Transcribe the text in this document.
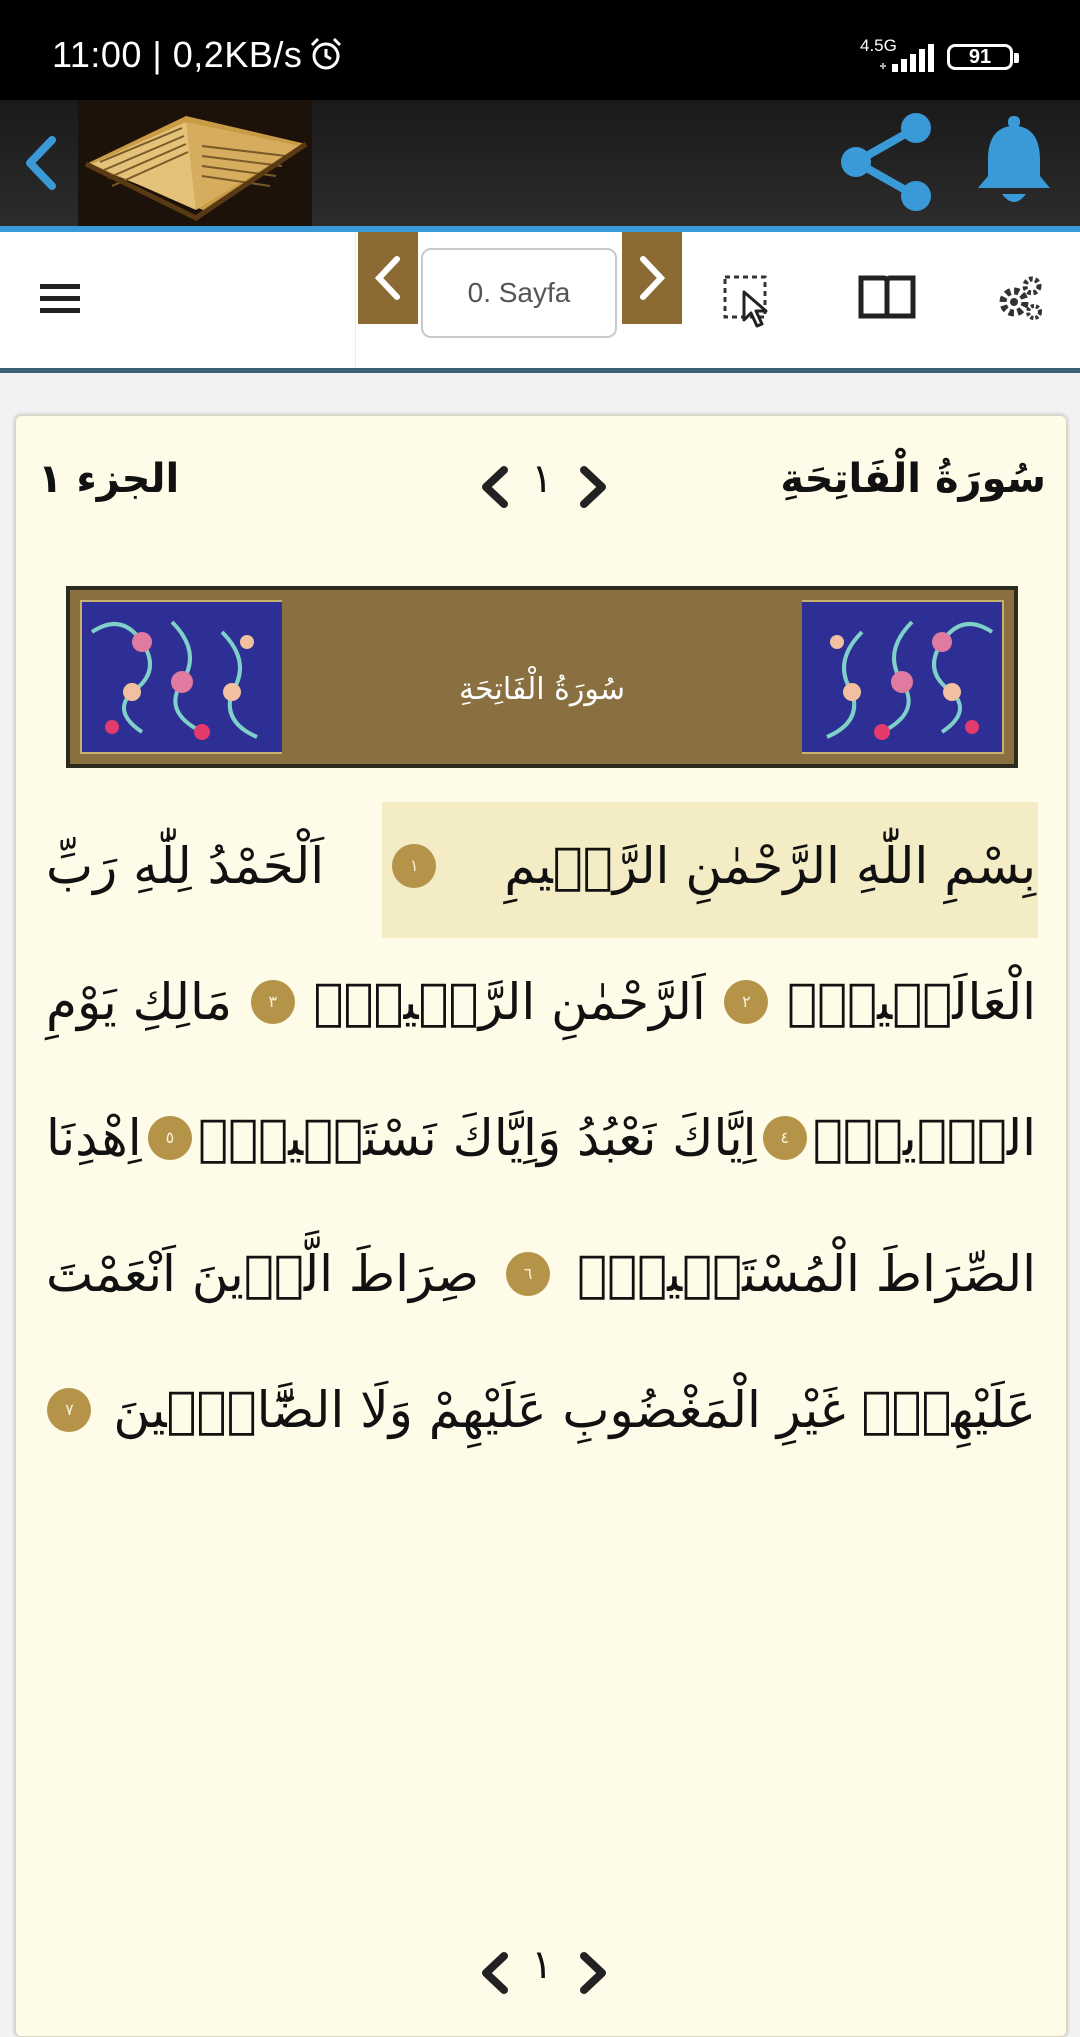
11:00 | 0,2KB/s	4.5G
91
0. Sayfa
سُورَةُ الْفَاتِحَةِ
١
الجزء ١
سُورَةُ الْفَاتِحَةِ
بِسْمِ اللّٰهِ الرَّحْمٰنِ الرَّحٖيمِ
١
اَلْحَمْدُ لِلّٰهِ رَبِّ
الْعَالَمٖينَۙ
٢
اَلرَّحْمٰنِ الرَّحٖيمِۙ
٣
مَالِكِ يَوْمِ
الدّٖينِۜ
٤
اِيَّاكَ نَعْبُدُ وَاِيَّاكَ نَسْتَعٖينُۜ
٥
اِهْدِنَا
الصِّرَاطَ الْمُسْتَقٖيمَۙ
٦
صِرَاطَ الَّذٖينَ اَنْعَمْتَ
عَلَيْهِمْۙ غَيْرِ الْمَغْضُوبِ عَلَيْهِمْ وَلَا الضَّٓالّٖينَ
٧
١
